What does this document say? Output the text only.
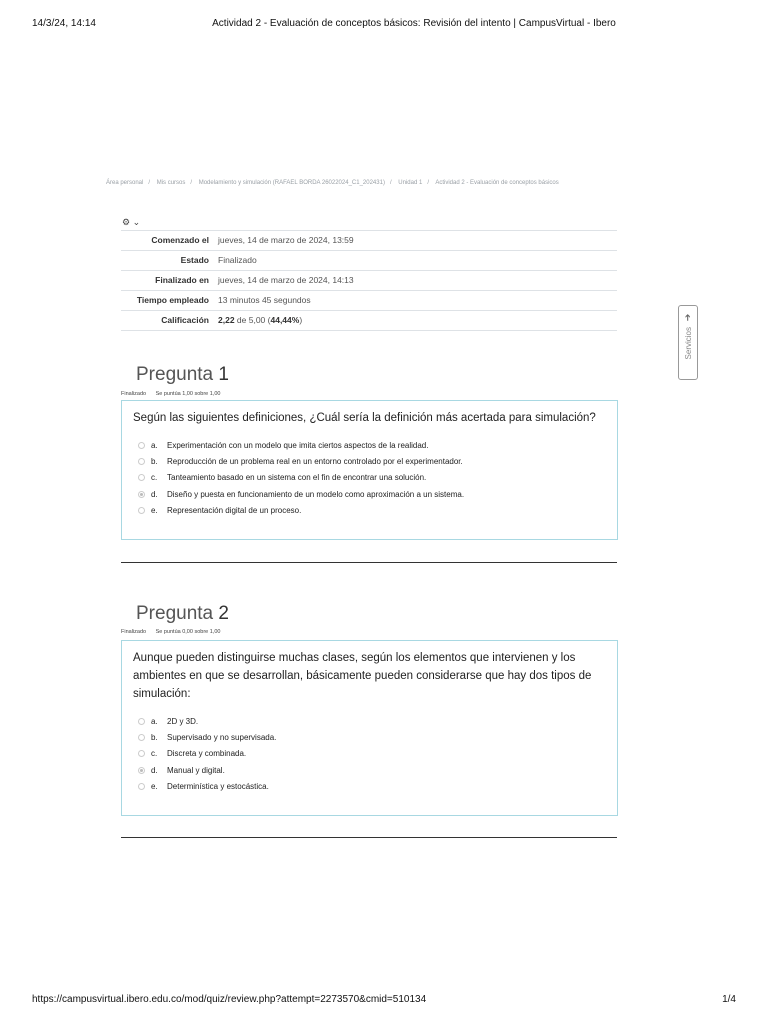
14/3/24, 14:14	Actividad 2 - Evaluación de conceptos básicos: Revisión del intento | CampusVirtual - Ibero
Área personal / Mis cursos / Modelamiento y simulación (RAFAEL BORDA 26022024_C1_202431) / Unidad 1 / Actividad 2 - Evaluación de conceptos básicos
⚙ ⌄
Comenzado el	jueves, 14 de marzo de 2024, 13:59
Estado	Finalizado
Finalizado en	jueves, 14 de marzo de 2024, 14:13
Tiempo empleado	13 minutos 45 segundos
Calificación	2,22 de 5,00 (44,44%)	➔
Servicios
Pregunta 1
Finalizado Se puntúa 1,00 sobre 1,00
Según las siguientes definiciones, ¿Cuál sería la definición más acertada para simulación?
a.	Experimentación con un modelo que imita ciertos aspectos de la realidad.
b.	Reproducción de un problema real en un entorno controlado por el experimentador.
c.	Tanteamiento basado en un sistema con el fin de encontrar una solución.
d.	Diseño y puesta en funcionamiento de un modelo como aproximación a un sistema.
e.	Representación digital de un proceso.
Pregunta 2
Finalizado Se puntúa 0,00 sobre 1,00
Aunque pueden distinguirse muchas clases, según los elementos que intervienen y los ambientes en que se desarrollan, básicamente pueden considerarse que hay dos tipos de simulación:
a.	2D y 3D.
b.	Supervisado y no supervisada.
c.	Discreta y combinada.
d.	Manual y digital.
e.	Determinística y estocástica.
https://campusvirtual.ibero.edu.co/mod/quiz/review.php?attempt=2273570&cmid=510134	1/4
